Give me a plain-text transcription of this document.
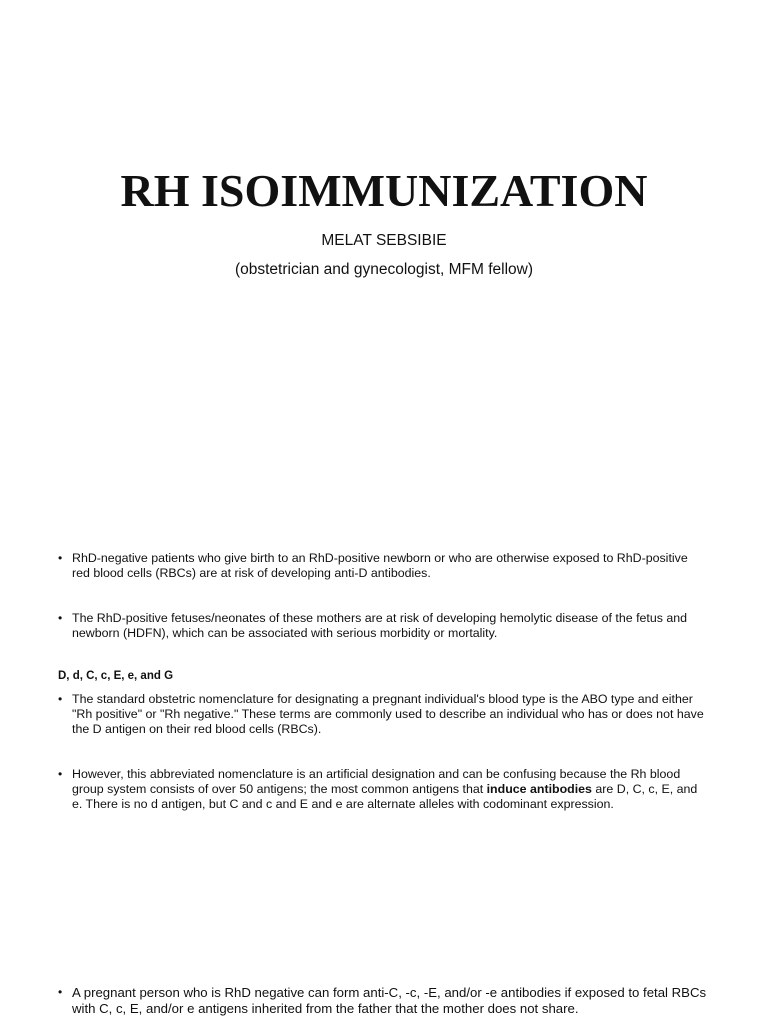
RH ISOIMMUNIZATION
MELAT SEBSIBIE
(obstetrician and gynecologist, MFM fellow)
• RhD-negative patients who give birth to an RhD-positive newborn or who are otherwise exposed to RhD-positive red blood cells (RBCs) are at risk of developing anti-D antibodies.
• The RhD-positive fetuses/neonates of these mothers are at risk of developing hemolytic disease of the fetus and newborn (HDFN), which can be associated with serious morbidity or mortality.
D, d, C, c, E, e, and G
• The standard obstetric nomenclature for designating a pregnant individual's blood type is the ABO type and either "Rh positive" or "Rh negative." These terms are commonly used to describe an individual who has or does not have the D antigen on their red blood cells (RBCs).
• However, this abbreviated nomenclature is an artificial designation and can be confusing because the Rh blood group system consists of over 50 antigens; the most common antigens that induce antibodies are D, C, c, E, and e. There is no d antigen, but C and c and E and e are alternate alleles with codominant expression.
• A pregnant person who is RhD negative can form anti-C, -c, -E, and/or -e antibodies if exposed to fetal RBCs with C, c, E, and/or e antigens inherited from the father that the mother does not share.
